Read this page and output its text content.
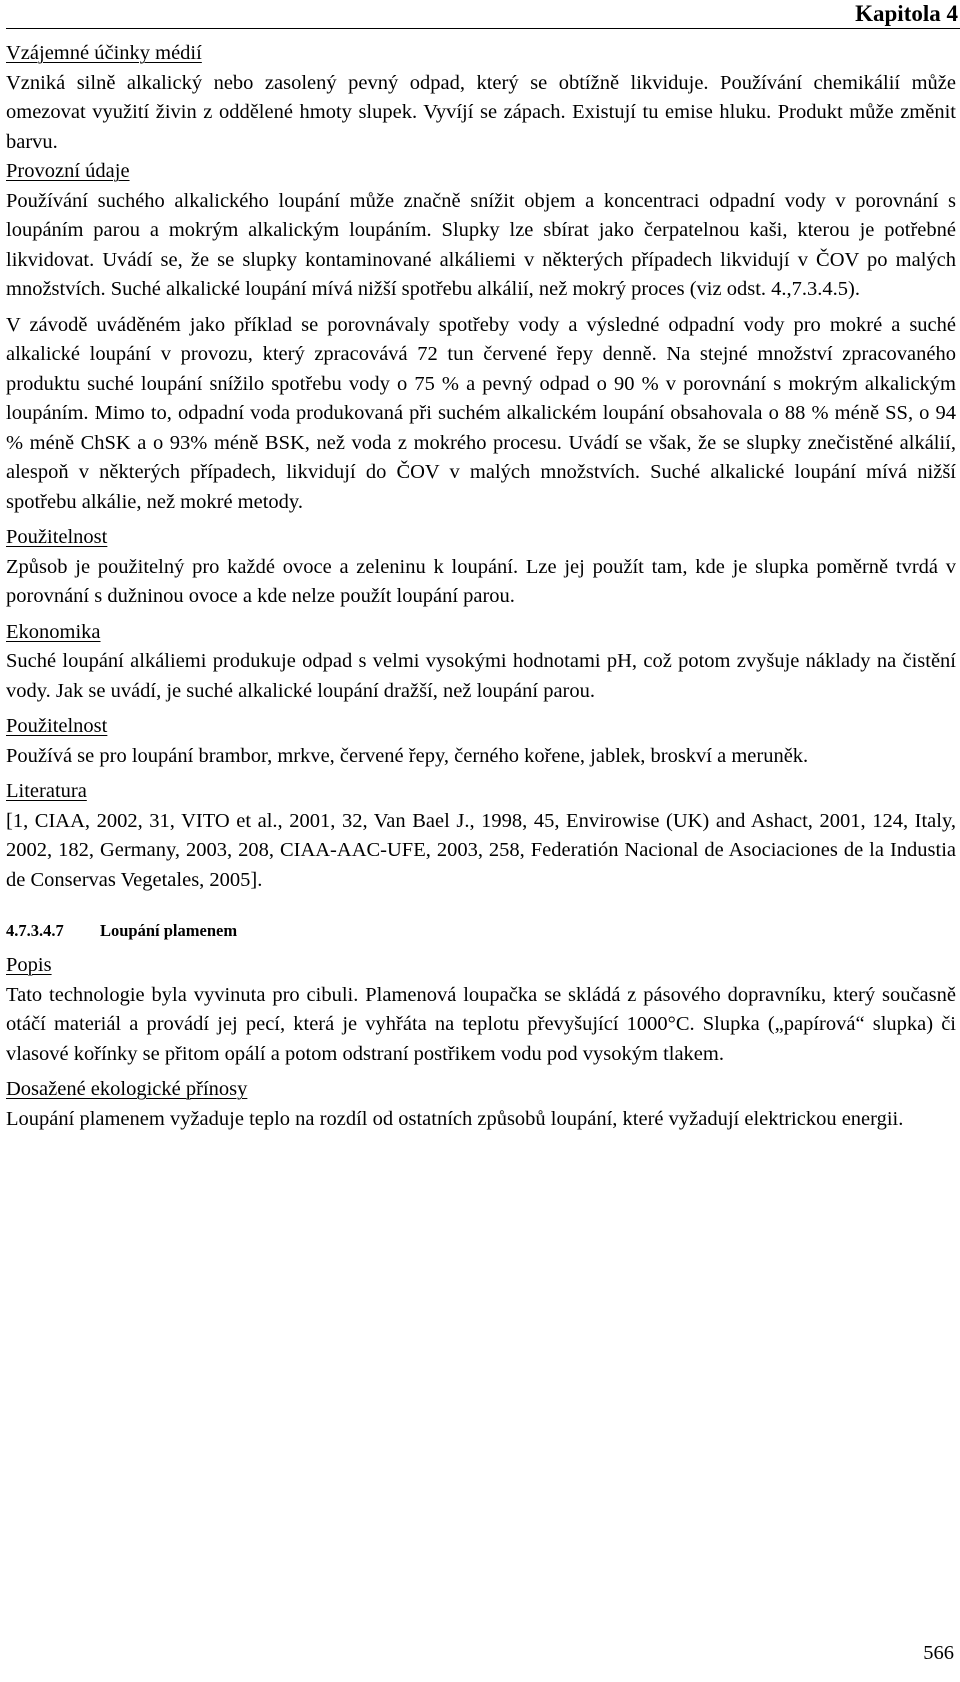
Kapitola 4
Vzájemné účinky médií

Vzniká silně alkalický nebo zasolený pevný odpad, který se obtížně likviduje. Používání chemikálií může omezovat využití živin z oddělené hmoty slupek. Vyvíjí se zápach. Existují tu emise hluku. Produkt může změnit barvu.

Provozní údaje

Používání suchého alkalického loupání může značně snížit objem a koncentraci odpadní vody v porovnání s loupáním parou a mokrým alkalickým loupáním. Slupky lze sbírat jako čerpatelnou kaši, kterou je potřebné likvidovat. Uvádí se, že se slupky kontaminované alkáliemi v některých případech likvidují v ČOV po malých množstvích. Suché alkalické loupání mívá nižší spotřebu alkálií, než mokrý proces (viz odst. 4.,7.3.4.5).

V závodě uváděném jako příklad se porovnávaly spotřeby vody a výsledné odpadní vody pro mokré a suché alkalické loupání v provozu, který zpracovává 72 tun červené řepy denně. Na stejné množství zpracovaného produktu suché loupání snížilo spotřebu vody o 75 % a pevný odpad o 90 % v porovnání s mokrým alkalickým loupáním. Mimo to, odpadní voda produkovaná při suchém alkalickém loupání obsahovala o 88 % méně SS, o 94 % méně ChSK a o 93% méně BSK, než voda z mokrého procesu. Uvádí se však, že se slupky znečistěné alkálií, alespoň v některých případech, likvidují do ČOV v malých množstvích. Suché alkalické loupání mívá nižší spotřebu alkálie, než mokré metody.

Použitelnost

Způsob je použitelný pro každé ovoce a zeleninu k loupání. Lze jej použít tam, kde je slupka poměrně tvrdá v porovnání s dužninou ovoce a kde nelze použít loupání parou.

Ekonomika

Suché loupání alkáliemi produkuje odpad s velmi vysokými hodnotami pH, což potom zvyšuje náklady na čistění vody. Jak se uvádí, je suché alkalické loupání dražší, než loupání parou.

Použitelnost

Používá se pro loupání brambor, mrkve, červené řepy, černého kořene, jablek, broskví a meruněk.

Literatura

[1, CIAA, 2002, 31, VITO et al., 2001, 32, Van Bael J., 1998, 45, Envirowise (UK) and Ashact, 2001, 124, Italy, 2002, 182, Germany, 2003, 208, CIAA-AAC-UFE, 2003, 258, Federatión Nacional de Asociaciones de la Industia de Conservas Vegetales, 2005].

4.7.3.4.7 Loupání plamenem
Popis

Tato technologie byla vyvinuta pro cibuli. Plamenová loupačka se skládá z pásového dopravníku, který současně otáčí materiál a provádí jej pecí, která je vyhřáta na teplotu převyšující 1000°C. Slupka („papírová“ slupka) či vlasové kořínky se přitom opálí a potom odstraní postřikem vodu pod vysokým tlakem.

Dosažené ekologické přínosy

Loupání plamenem vyžaduje teplo na rozdíl od ostatních způsobů loupání, které vyžadují elektrickou energii.

566
